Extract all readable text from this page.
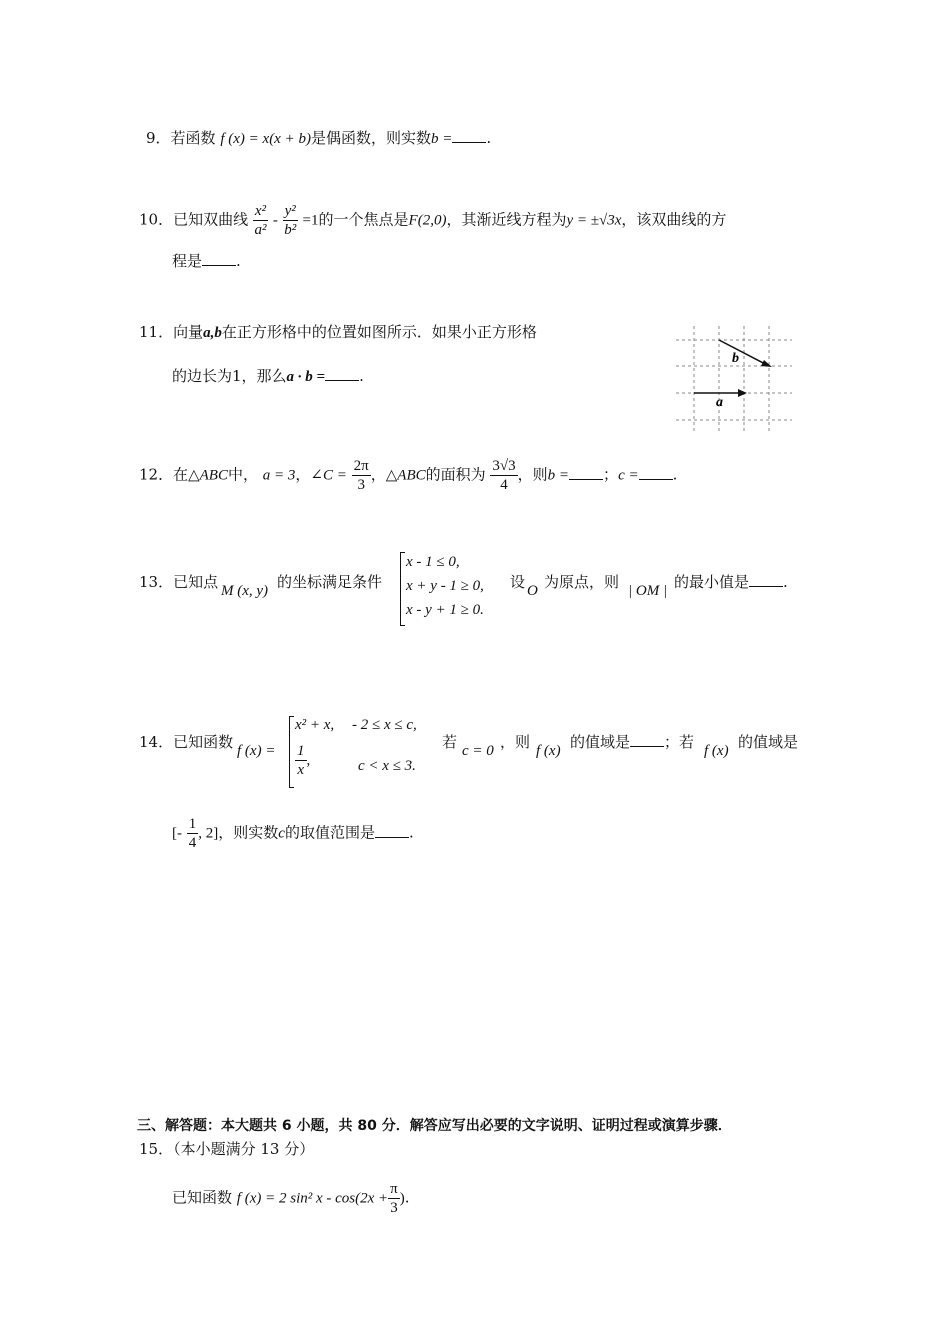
9．若函数 f (x) = x(x + b)是偶函数，则实数b = .
10．已知双曲线 $\frac{\text{x²}}{\text{a²}} - \frac{\text{y²}}{\text{b²}} =1$的一个焦点是F(2,0)，其渐近线方程为y = ±√3x，该双曲线的方
程是 .
11．向量a,b在正方形格中的位置如图所示．如果小正方形格
的边长为1，那么a · b = .
b
a
12．在△ABC中， a = 3，∠C = $\frac{2\pi}{3}$ ，△ABC的面积为 $\frac{3√3}{4}$ ，则b = ；c = .
13．已知点 M (x, y) 的坐标满足条件
x - 1 ≤ 0,
x + y - 1 ≥ 0,
x - y + 1 ≥ 0.
设 O 为原点，则 | OM | 的最小值是 .
14．已知函数 f (x) =
x² + x, - 2 ≤ x ≤ c,
$\frac{1}{x}$ ,	c < x ≤ 3.
若 c = 0 ，则 f (x) 的值域是 ；若 f (x) 的值域是
[- $\frac{1}{4}$ , 2]，则实数c的取值范围是 .
三、解答题：本大题共 6 小题，共 80 分．解答应写出必要的文字说明、证明过程或演算步骤．
15．（本小题满分 13 分）
已知函数 f (x) = 2 sin² $x - \cos(2x + \frac{\pi}{3}$ ).
